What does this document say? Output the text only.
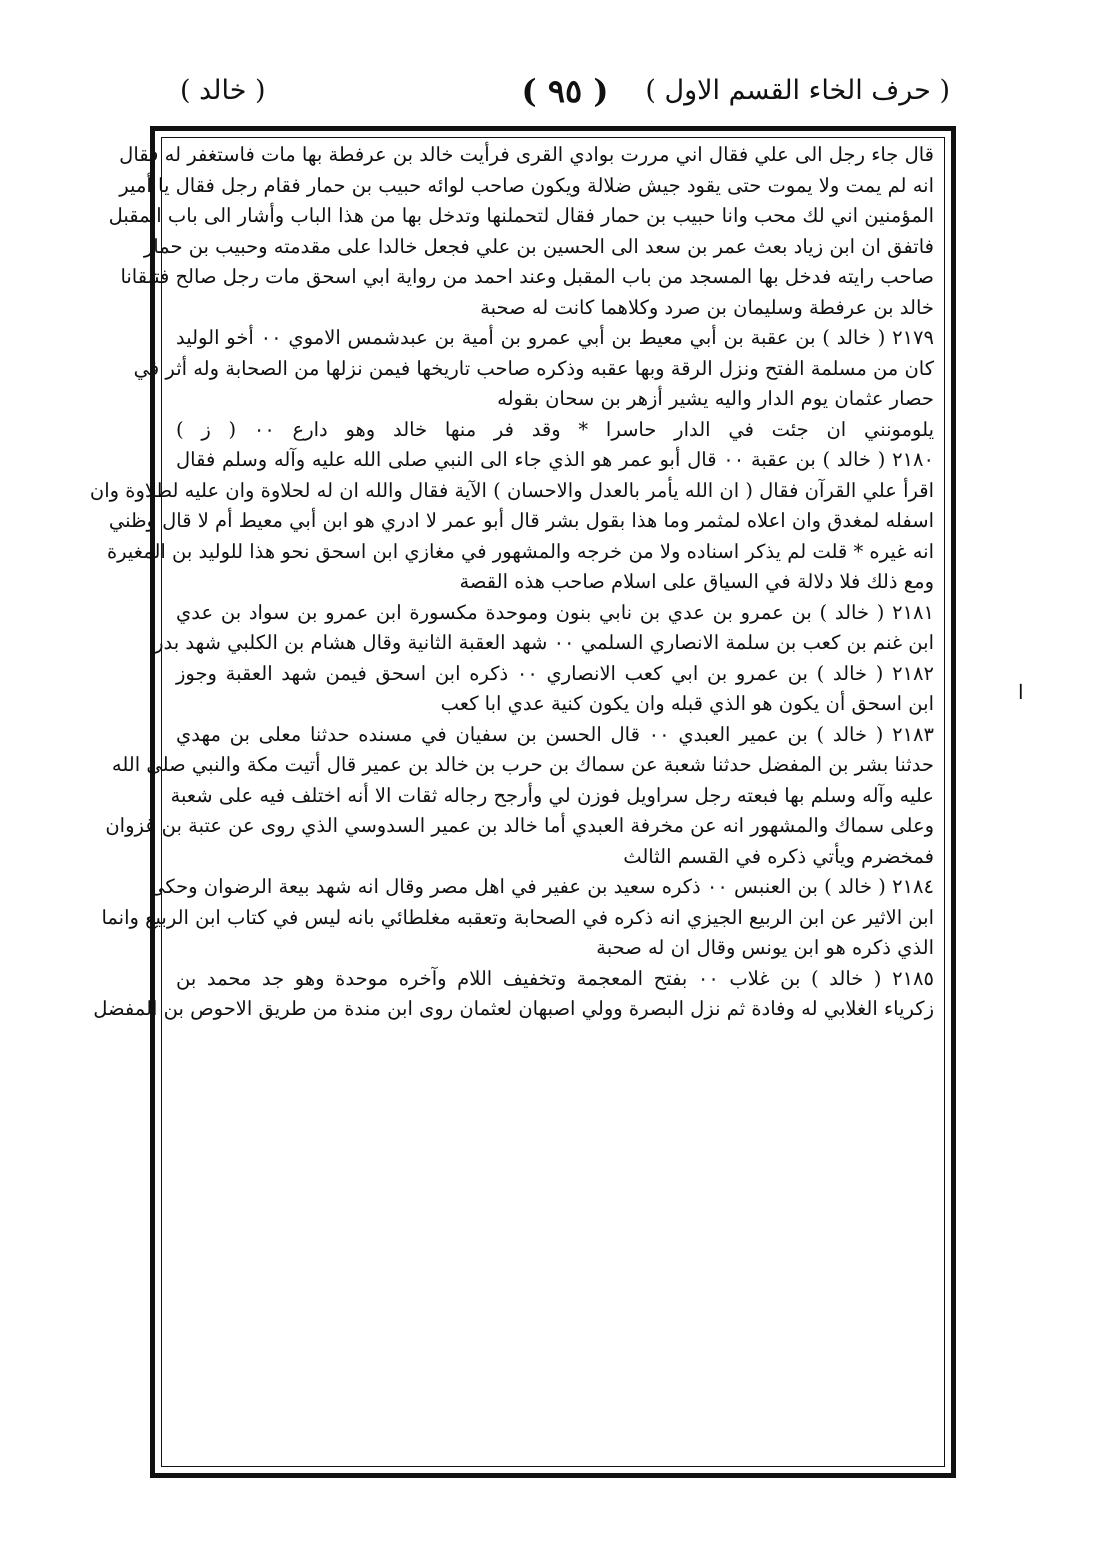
( حرف الخاء القسم الاول )
( ٩٥ )
( خالد )
ا
قال جاء رجل الى علي فقال اني مررت بوادي القرى فرأيت خالد بن عرفطة بها مات فاستغفر له فقال
انه لم يمت ولا يموت حتى يقود جيش ضلالة ويكون صاحب لوائه حبيب بن حمار فقام رجل فقال يا أمير
المؤمنين اني لك محب وانا حبيب بن حمار فقال لتحملنها وتدخل بها من هذا الباب وأشار الى باب المقبل
فاتفق ان ابن زياد بعث عمر بن سعد الى الحسين بن علي فجعل خالدا على مقدمته وحبيب بن حمار
صاحب رايته فدخل بها المسجد من باب المقبل وعند احمد من رواية ابي اسحق مات رجل صالح فتلقانا
خالد بن عرفطة وسليمان بن صرد وكلاهما كانت له صحبة
٢١٧٩ ( خالد ) بن عقبة بن أبي معيط بن أبي عمرو بن أمية بن عبدشمس الاموي ٠٠ أخو الوليد
كان من مسلمة الفتح ونزل الرقة وبها عقبه وذكره صاحب تاريخها فيمن نزلها من الصحابة وله أثر في
حصار عثمان يوم الدار واليه يشير أزهر بن سحان بقوله
يلومونني ان جئت في الدار حاسرا * وقد فر منها خالد وهو دارع ٠٠ ( ز )
٢١٨٠ ( خالد ) بن عقبة ٠٠ قال أبو عمر هو الذي جاء الى النبي صلى الله عليه وآله وسلم فقال
اقرأ علي القرآن فقال ( ان الله يأمر بالعدل والاحسان ) الآية فقال والله ان له لحلاوة وان عليه لطلاوة وان
اسفله لمغدق وان اعلاه لمثمر وما هذا بقول بشر قال أبو عمر لا ادري هو ابن أبي معيط أم لا قال وظني
انه غيره * قلت لم يذكر اسناده ولا من خرجه والمشهور في مغازي ابن اسحق نحو هذا للوليد بن المغيرة
ومع ذلك فلا دلالة في السياق على اسلام صاحب هذه القصة
٢١٨١ ( خالد ) بن عمرو بن عدي بن نابي بنون وموحدة مكسورة ابن عمرو بن سواد بن عدي
ابن غنم بن كعب بن سلمة الانصاري السلمي ٠٠ شهد العقبة الثانية وقال هشام بن الكلبي شهد بدرا
٢١٨٢ ( خالد ) بن عمرو بن ابي كعب الانصاري ٠٠ ذكره ابن اسحق فيمن شهد العقبة وجوز
ابن اسحق أن يكون هو الذي قبله وان يكون كنية عدي ابا كعب
٢١٨٣ ( خالد ) بن عمير العبدي ٠٠ قال الحسن بن سفيان في مسنده حدثنا معلى بن مهدي
حدثنا بشر بن المفضل حدثنا شعبة عن سماك بن حرب بن خالد بن عمير قال أتيت مكة والنبي صلى الله
عليه وآله وسلم بها فبعته رجل سراويل فوزن لي وأرجح رجاله ثقات الا أنه اختلف فيه على شعبة
وعلى سماك والمشهور انه عن مخرفة العبدي أما خالد بن عمير السدوسي الذي روى عن عتبة بن غزوان
فمخضرم ويأتي ذكره في القسم الثالث
٢١٨٤ ( خالد ) بن العنبس ٠٠ ذكره سعيد بن عفير في اهل مصر وقال انه شهد بيعة الرضوان وحكى
ابن الاثير عن ابن الربيع الجيزي انه ذكره في الصحابة وتعقبه مغلطائي بانه ليس في كتاب ابن الربيع وانما
الذي ذكره هو ابن يونس وقال ان له صحبة
٢١٨٥ ( خالد ) بن غلاب ٠٠ بفتح المعجمة وتخفيف اللام وآخره موحدة وهو جد محمد بن
زكرياء الغلابي له وفادة ثم نزل البصرة وولي اصبهان لعثمان روى ابن مندة من طريق الاحوص بن المفضل
